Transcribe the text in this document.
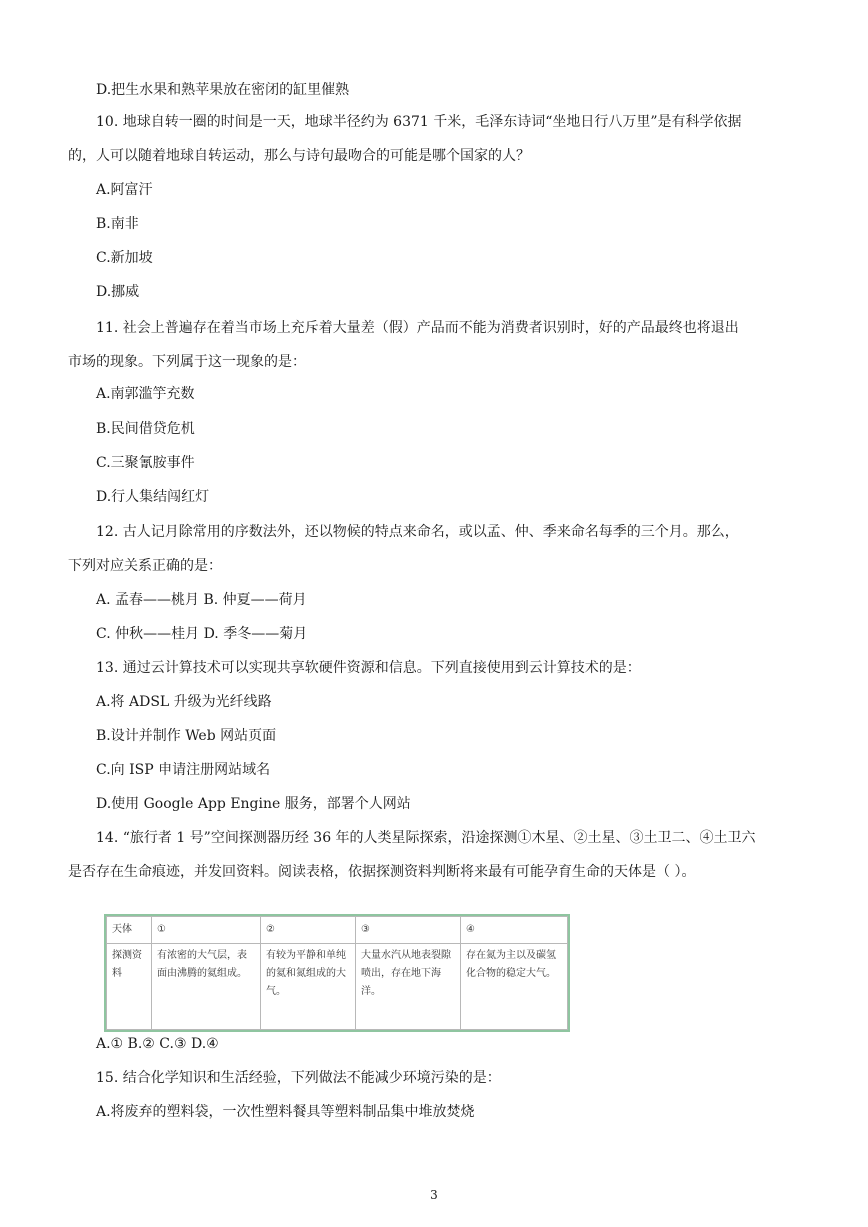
D.把生水果和熟苹果放在密闭的缸里催熟
10. 地球自转一圈的时间是一天，地球半径约为 6371 千米，毛泽东诗词“坐地日行八万里”是有科学依据
的，人可以随着地球自转运动，那么与诗句最吻合的可能是哪个国家的人？
A.阿富汗
B.南非
C.新加坡
D.挪威
11. 社会上普遍存在着当市场上充斥着大量差（假）产品而不能为消费者识别时，好的产品最终也将退出
市场的现象。下列属于这一现象的是：
A.南郭滥竽充数
B.民间借贷危机
C.三聚氰胺事件
D.行人集结闯红灯
12. 古人记月除常用的序数法外，还以物候的特点来命名，或以孟、仲、季来命名每季的三个月。那么，
下列对应关系正确的是：
A. 孟春——桃月 B. 仲夏——荷月
C. 仲秋——桂月 D. 季冬——菊月
13. 通过云计算技术可以实现共享软硬件资源和信息。下列直接使用到云计算技术的是：
A.将 ADSL 升级为光纤线路
B.设计并制作 Web 网站页面
C.向 ISP 申请注册网站域名
D.使用 Google App Engine 服务，部署个人网站
14. “旅行者 1 号”空间探测器历经 36 年的人类星际探索，沿途探测①木星、②土星、③土卫二、④土卫六
是否存在生命痕迹，并发回资料。阅读表格，依据探测资料判断将来最有可能孕育生命的天体是（ ）。
天体	①	②	③	④
探测资料	有浓密的大气层，表面由沸腾的氦组成。	有较为平静和单纯的氦和氮组成的大气。	大量水汽从地表裂隙喷出，存在地下海洋。	存在氮为主以及碳氢化合物的稳定大气。
A.① B.② C.③ D.④
15. 结合化学知识和生活经验，下列做法不能减少环境污染的是：
A.将废弃的塑料袋，一次性塑料餐具等塑料制品集中堆放焚烧
3
